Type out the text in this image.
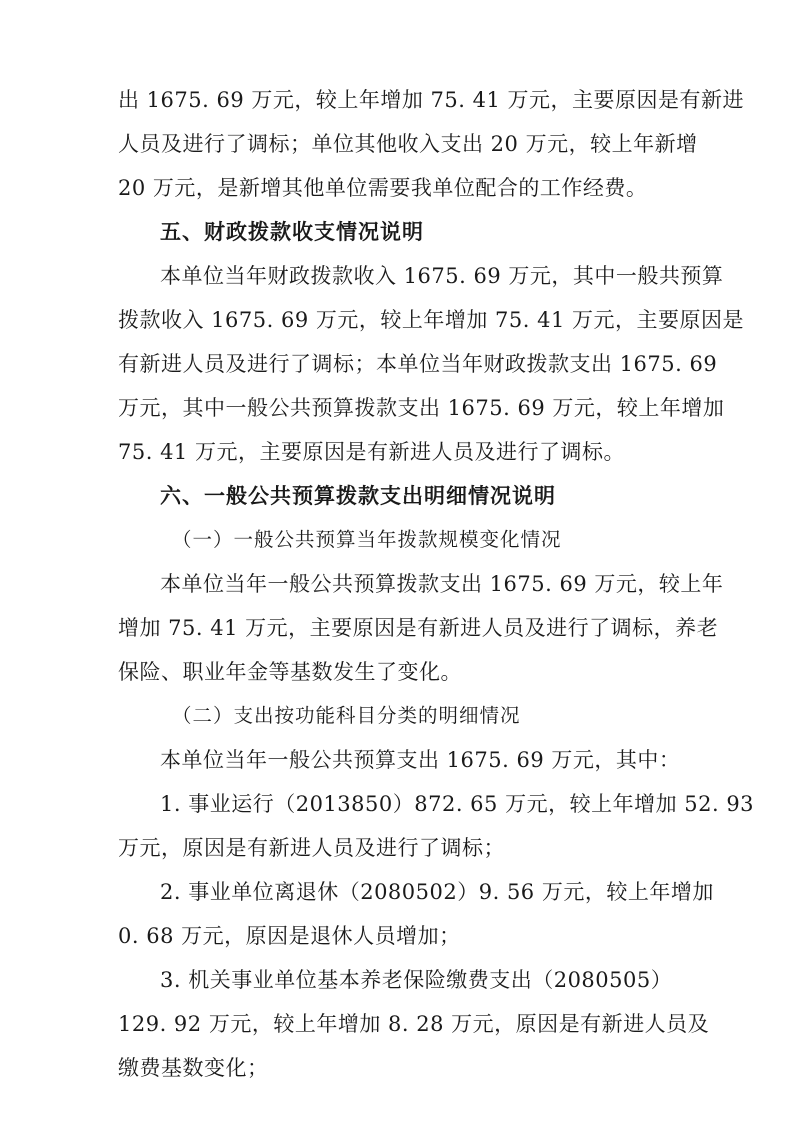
出 1675. 69 万元，较上年增加 75. 41 万元，主要原因是有新进
人员及进行了调标；单位其他收入支出 20 万元，较上年新增
20 万元，是新增其他单位需要我单位配合的工作经费。
五、财政拨款收支情况说明
本单位当年财政拨款收入 1675. 69 万元，其中一般共预算
拨款收入 1675. 69 万元，较上年增加 75. 41 万元，主要原因是
有新进人员及进行了调标；本单位当年财政拨款支出 1675. 69
万元，其中一般公共预算拨款支出 1675. 69 万元，较上年增加
75. 41 万元，主要原因是有新进人员及进行了调标。
六、一般公共预算拨款支出明细情况说明
（一）一般公共预算当年拨款规模变化情况
本单位当年一般公共预算拨款支出 1675. 69 万元，较上年
增加 75. 41 万元，主要原因是有新进人员及进行了调标，养老
保险、职业年金等基数发生了变化。
（二）支出按功能科目分类的明细情况
本单位当年一般公共预算支出 1675. 69 万元，其中：
1. 事业运行（2013850）872. 65 万元，较上年增加 52. 93
万元，原因是有新进人员及进行了调标；
2. 事业单位离退休（2080502）9. 56 万元，较上年增加
0. 68 万元，原因是退休人员增加；
3. 机关事业单位基本养老保险缴费支出（2080505）
129. 92 万元，较上年增加 8. 28 万元，原因是有新进人员及
缴费基数变化；
